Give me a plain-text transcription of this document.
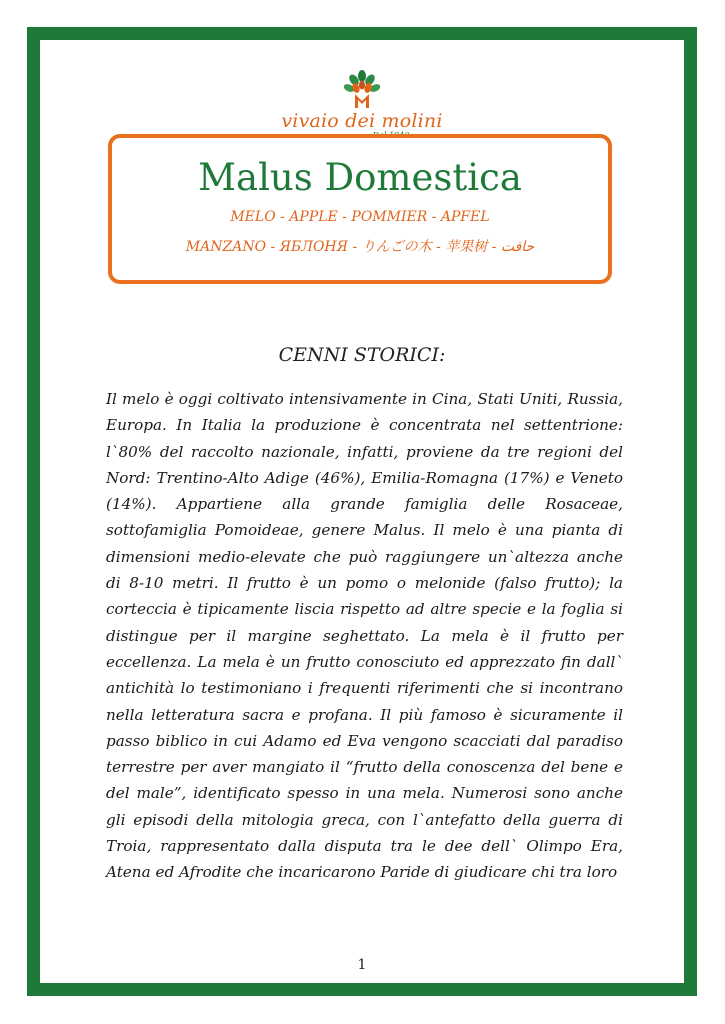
vivaio dei molini
Dal 1940
Malus Domestica
MELO - APPLE - POMMIER - APFEL
MANZANO - ЯБЛОНЯ - りんごの木 - 苹果树 - حافت
CENNI STORICI:

Il melo è oggi coltivato intensivamente in Cina, Stati Uniti, Russia, Europa. In Italia la produzione è concentrata nel settentrione: l`80% del raccolto nazionale, infatti, proviene da tre regioni del Nord: Trentino-Alto Adige (46%), Emilia-Romagna (17%) e Veneto (14%). Appartiene alla grande famiglia delle Rosaceae, sottofamiglia Pomoideae, genere Malus. Il melo è una pianta di dimensioni medio-elevate che può raggiungere un`altezza anche di 8-10 metri. Il frutto è un pomo o melonide (falso frutto); la corteccia è tipicamente liscia rispetto ad altre specie e la foglia si distingue per il margine seghettato. La mela è il frutto per eccellenza. La mela è un frutto conosciuto ed apprezzato fin dall` antichità lo testimoniano i frequenti riferimenti che si incontrano nella letteratura sacra e profana. Il più famoso è sicuramente il passo biblico in cui Adamo ed Eva vengono scacciati dal paradiso terrestre per aver mangiato il “frutto della conoscenza del bene e del male”, identificato spesso in una mela. Numerosi sono anche gli episodi della mitologia greca, con l`antefatto della guerra di Troia, rappresentato dalla disputa tra le dee dell` Olimpo Era, Atena ed Afrodite che incaricarono Paride di giudicare chi tra loro

1
